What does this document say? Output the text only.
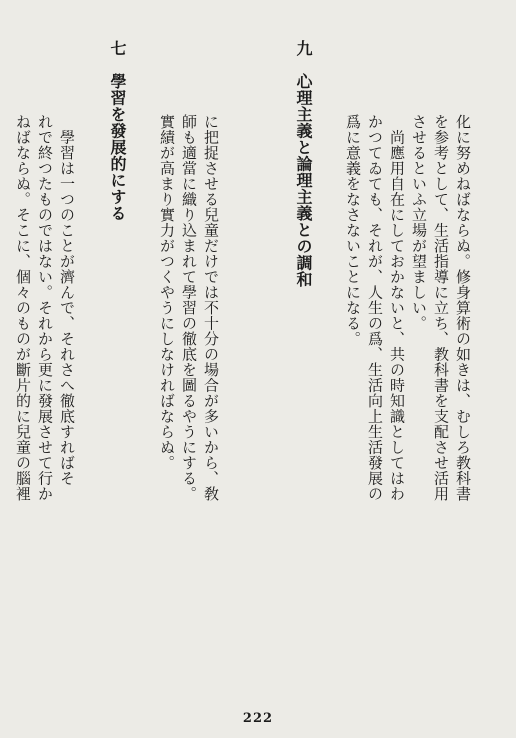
化に努めねばならぬ。修身算術の如きは、むしろ教科書
を参考として、生活指導に立ち、教科書を支配させ活用
させるといふ立場が望ましい。
　尚應用自在にしておかないと、共の時知識としてはわ
かつてゐても、それが、人生の爲、生活向上生活發展の
爲に意義をなさないことになる。

九　心理主義と論理主義との調和

に把捉させる兒童だけでは不十分の場合が多いから、敎
師も適當に織り込まれて學習の徹底を圖るやうにする。
實績が高まり實力がつくやうにしなければならぬ。

七　學習を發展的にする

　學習は一つのことが濟んで、それさへ徹底すればそ
れで終つたものではない。それから更に發展させて行か
ねばならぬ。そこに、個々のものが斷片的に兒童の腦裡

222
